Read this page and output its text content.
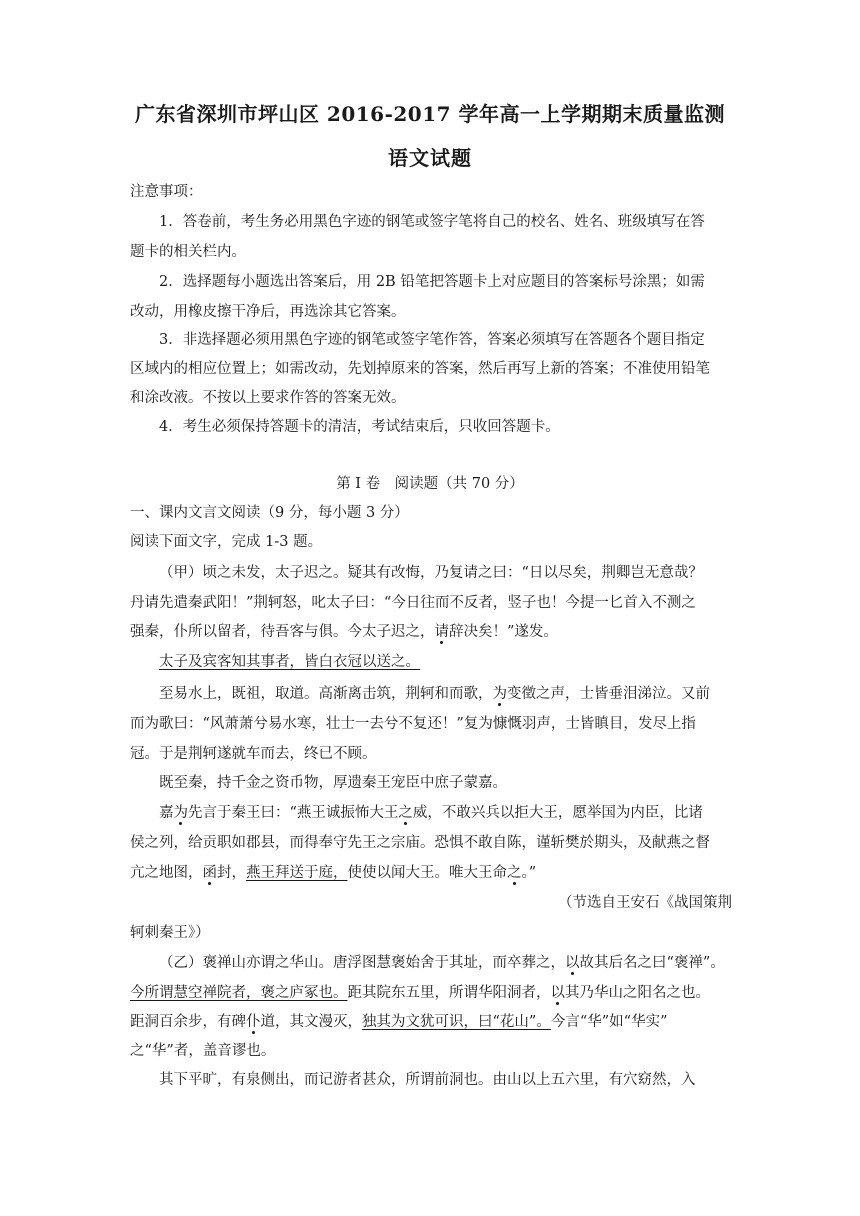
广东省深圳市坪山区 2016-2017 学年高一上学期期末质量监测
语文试题
注意事项：
1．答卷前，考生务必用黑色字迹的钢笔或签字笔将自己的校名、姓名、班级填写在答
题卡的相关栏内。
2．选择题每小题选出答案后，用 2B 铅笔把答题卡上对应题目的答案标号涂黑；如需
改动，用橡皮擦干净后，再选涂其它答案。
3．非选择题必须用黑色字迹的钢笔或签字笔作答，答案必须填写在答题各个题目指定
区域内的相应位置上；如需改动，先划掉原来的答案，然后再写上新的答案；不准使用铅笔
和涂改液。不按以上要求作答的答案无效。
4．考生必须保持答题卡的清洁，考试结束后，只收回答题卡。
第 I 卷　阅读题（共 70 分）
一、课内文言文阅读（9 分，每小题 3 分）
阅读下面文字，完成 1-3 题。
（甲）顷之未发，太子迟之。疑其有改悔，乃复请之曰：“日以尽矣，荆卿岂无意哉？
丹请先遣秦武阳！”荆轲怒，叱太子曰：“今日往而不反者，竖子也！今提一匕首入不测之
强秦，仆所以留者，待吾客与俱。今太子迟之，请辞决矣！”遂发。
太子及宾客知其事者，皆白衣冠以送之。
至易水上，既祖，取道。高渐离击筑，荆轲和而歌，为变徵之声，士皆垂泪涕泣。又前
而为歌曰：“风萧萧兮易水寒，壮士一去兮不复还！”复为慷慨羽声，士皆瞋目，发尽上指
冠。于是荆轲遂就车而去，终已不顾。
既至秦，持千金之资币物，厚遗秦王宠臣中庶子蒙嘉。
嘉为先言于秦王曰：“燕王诚振怖大王之威，不敢兴兵以拒大王，愿举国为内臣，比诸
侯之列，给贡职如郡县，而得奉守先王之宗庙。恐惧不敢自陈，谨斩樊於期头，及献燕之督
亢之地图，函封，燕王拜送于庭，使使以闻大王。唯大王命之。”
（节选自王安石《战国策荆
轲刺秦王》）
（乙）褒禅山亦谓之华山。唐浮图慧褒始舍于其址，而卒葬之，以故其后名之曰“褒禅”。
今所谓慧空禅院者，褒之庐冢也。距其院东五里，所谓华阳洞者，以其乃华山之阳名之也。
距洞百余步，有碑仆道，其文漫灭，独其为文犹可识，曰“花山”。今言“华”如“华实”
之“华”者，盖音谬也。
其下平旷，有泉侧出，而记游者甚众，所谓前洞也。由山以上五六里，有穴窈然，入
